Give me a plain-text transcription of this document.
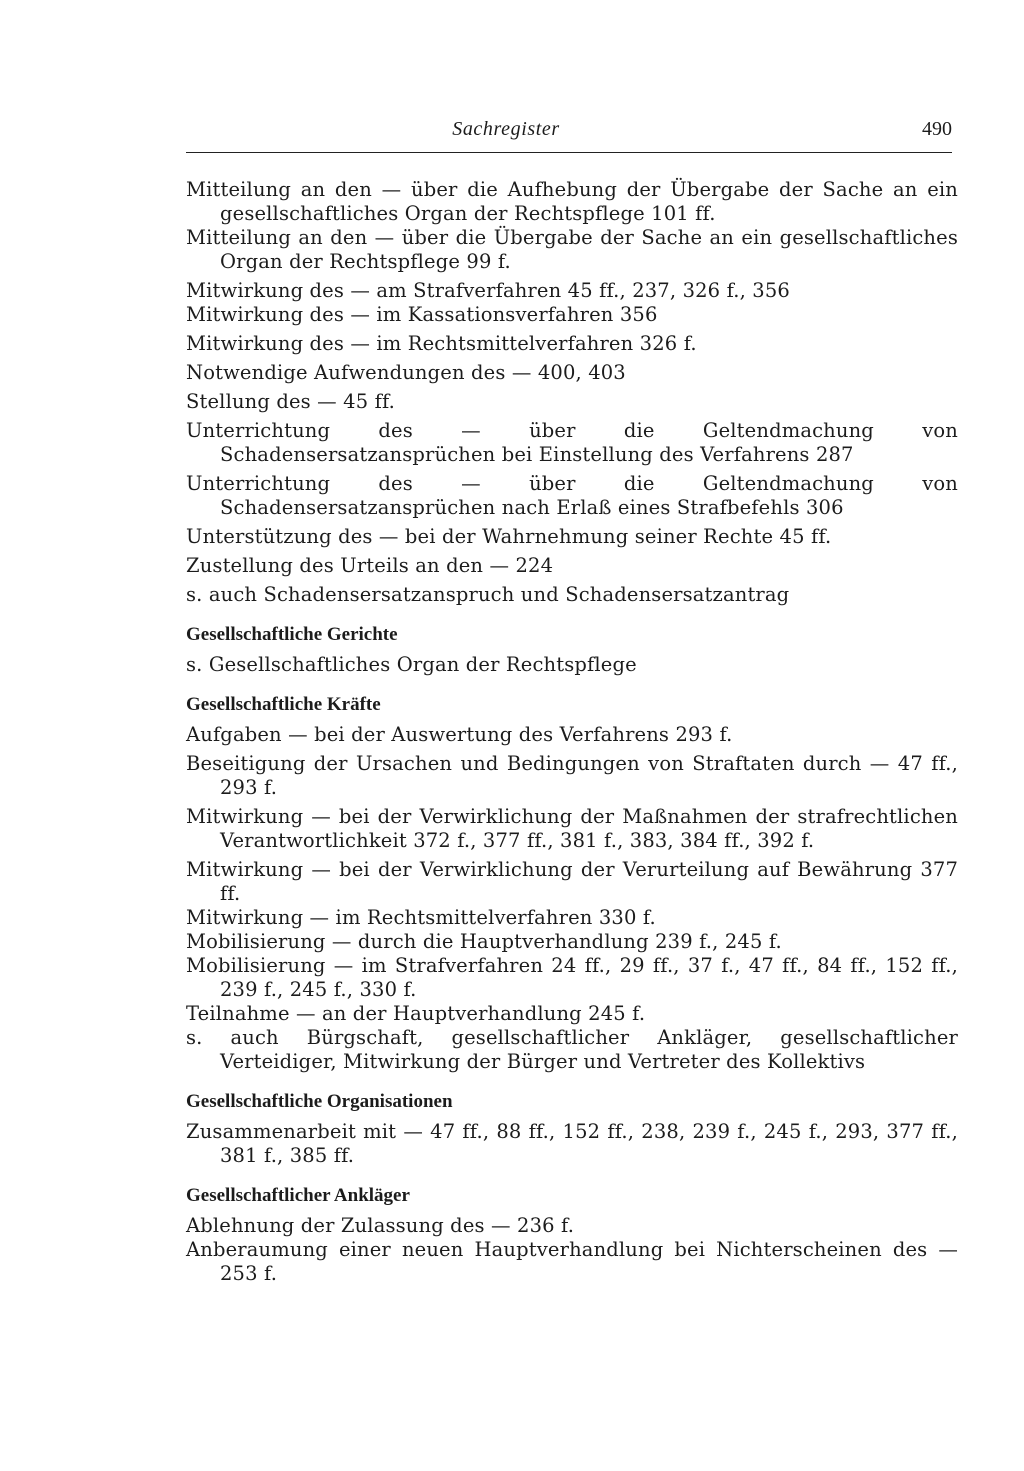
Sachregister	490

Mitteilung an den — über die Aufhebung der Übergabe der Sache an ein gesellschaftliches Organ der Rechtspflege 101 ff.

Mitteilung an den — über die Übergabe der Sache an ein gesellschaftliches Organ der Rechtspflege 99 f.

Mitwirkung des — am Strafverfahren 45 ff., 237, 326 f., 356

Mitwirkung des — im Kassationsverfahren 356

Mitwirkung des — im Rechtsmittelverfahren 326 f.

Notwendige Aufwendungen des — 400, 403

Stellung des — 45 ff.

Unterrichtung des — über die Geltendmachung von Schadensersatzansprüchen bei Einstellung des Verfahrens 287

Unterrichtung des — über die Geltendmachung von Schadensersatzansprüchen nach Erlaß eines Strafbefehls 306

Unterstützung des — bei der Wahrnehmung seiner Rechte 45 ff.

Zustellung des Urteils an den — 224

s. auch Schadensersatzanspruch und Schadensersatzantrag

Gesellschaftliche Gerichte

s. Gesellschaftliches Organ der Rechtspflege

Gesellschaftliche Kräfte

Aufgaben — bei der Auswertung des Verfahrens 293 f.

Beseitigung der Ursachen und Bedingungen von Straftaten durch — 47 ff., 293 f.

Mitwirkung — bei der Verwirklichung der Maßnahmen der strafrechtlichen Verantwortlichkeit 372 f., 377 ff., 381 f., 383, 384 ff., 392 f.

Mitwirkung — bei der Verwirklichung der Verurteilung auf Bewährung 377 ff.

Mitwirkung — im Rechtsmittelverfahren 330 f.

Mobilisierung — durch die Hauptverhandlung 239 f., 245 f.

Mobilisierung — im Strafverfahren 24 ff., 29 ff., 37 f., 47 ff., 84 ff., 152 ff., 239 f., 245 f., 330 f.

Teilnahme — an der Hauptverhandlung 245 f.

s. auch Bürgschaft, gesellschaftlicher Ankläger, gesellschaftlicher Verteidiger, Mitwirkung der Bürger und Vertreter des Kollektivs

Gesellschaftliche Organisationen

Zusammenarbeit mit — 47 ff., 88 ff., 152 ff., 238, 239 f., 245 f., 293, 377 ff., 381 f., 385 ff.

Gesellschaftlicher Ankläger

Ablehnung der Zulassung des — 236 f.

Anberaumung einer neuen Hauptverhandlung bei Nichterscheinen des — 253 f.
